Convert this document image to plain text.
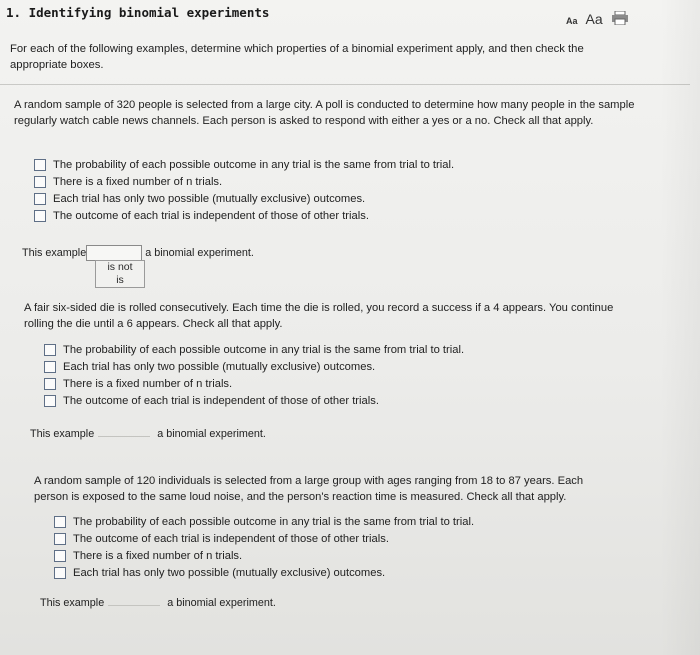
1. Identifying binomial experiments
Aa Aa
For each of the following examples, determine which properties of a binomial experiment apply, and then check the appropriate boxes.
A random sample of 320 people is selected from a large city. A poll is conducted to determine how many people in the sample regularly watch cable news channels. Each person is asked to respond with either a yes or a no. Check all that apply.
The probability of each possible outcome in any trial is the same from trial to trial.
There is a fixed number of n trials.
Each trial has only two possible (mutually exclusive) outcomes.
The outcome of each trial is independent of those of other trials.
This example	a binomial experiment.
is not
is
A fair six-sided die is rolled consecutively. Each time the die is rolled, you record a success if a 4 appears. You continue rolling the die until a 6 appears. Check all that apply.
The probability of each possible outcome in any trial is the same from trial to trial.
Each trial has only two possible (mutually exclusive) outcomes.
There is a fixed number of n trials.
The outcome of each trial is independent of those of other trials.
This example	a binomial experiment.
A random sample of 120 individuals is selected from a large group with ages ranging from 18 to 87 years. Each person is exposed to the same loud noise, and the person's reaction time is measured. Check all that apply.
The probability of each possible outcome in any trial is the same from trial to trial.
The outcome of each trial is independent of those of other trials.
There is a fixed number of n trials.
Each trial has only two possible (mutually exclusive) outcomes.
This example	a binomial experiment.
